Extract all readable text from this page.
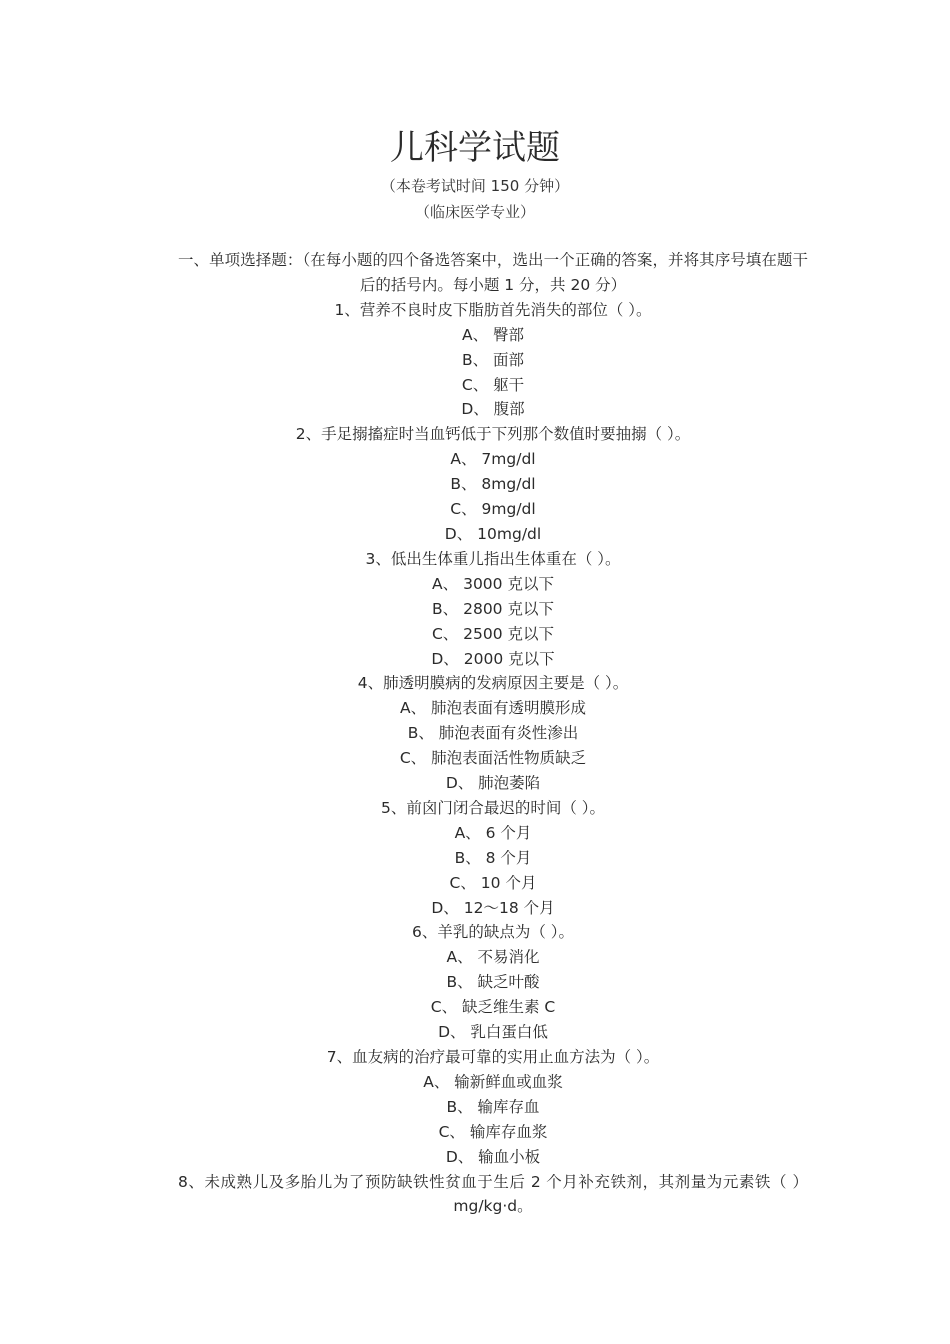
儿科学试题
（本卷考试时间 150 分钟）
（临床医学专业）
一、单项选择题：（在每小题的四个备选答案中，选出一个正确的答案，并将其序号填在题干后的括号内。每小题 1 分，共 20 分）
1、营养不良时皮下脂肪首先消失的部位（ ）。
A、 臀部
B、 面部
C、 躯干
D、 腹部
2、手足搦搐症时当血钙低于下列那个数值时要抽搦（ ）。
A、 7mg/dl
B、 8mg/dl
C、 9mg/dl
D、 10mg/dl
3、低出生体重儿指出生体重在（ ）。
A、 3000 克以下
B、 2800 克以下
C、 2500 克以下
D、 2000 克以下
4、肺透明膜病的发病原因主要是（ ）。
A、 肺泡表面有透明膜形成
B、 肺泡表面有炎性渗出
C、 肺泡表面活性物质缺乏
D、 肺泡萎陷
5、前囟门闭合最迟的时间（ ）。
A、 6 个月
B、 8 个月
C、 10 个月
D、 12～18 个月
6、羊乳的缺点为（ ）。
A、 不易消化
B、 缺乏叶酸
C、 缺乏维生素 C
D、 乳白蛋白低
7、血友病的治疗最可靠的实用止血方法为（ ）。
A、 输新鲜血或血浆
B、 输库存血
C、 输库存血浆
D、 输血小板
8、未成熟儿及多胎儿为了预防缺铁性贫血于生后 2 个月补充铁剂，其剂量为元素铁（ ）mg/kg·d。
